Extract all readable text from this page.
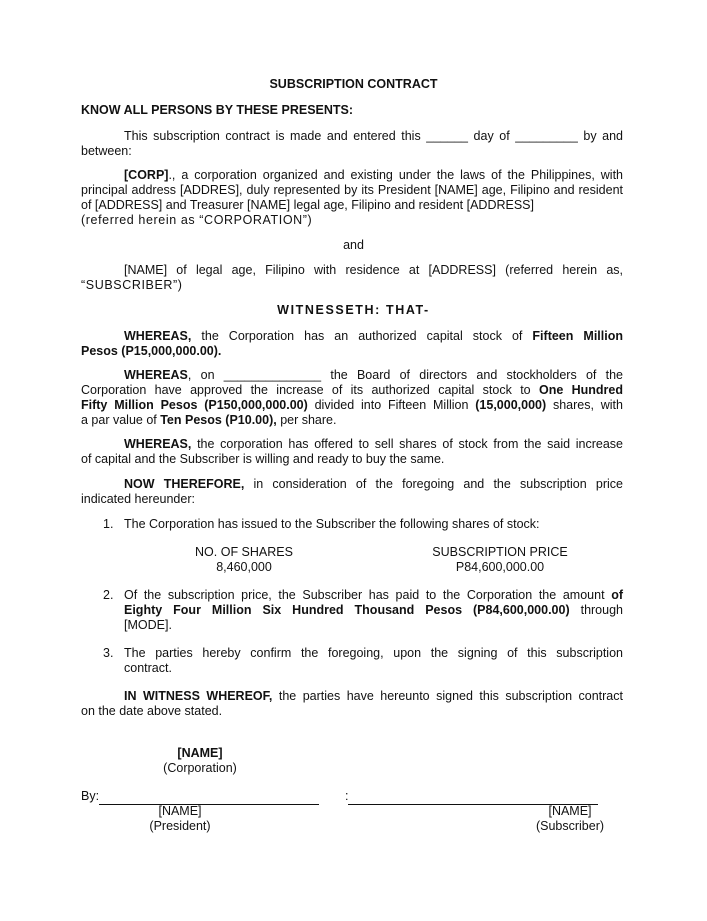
SUBSCRIPTION CONTRACT
KNOW ALL PERSONS BY THESE PRESENTS:
This subscription contract is made and entered this ______ day of _________ by and
between:
[CORP]., a corporation organized and existing under the laws of the Philippines, with principal address [ADDRES], duly represented by its President [NAME] age, Filipino and resident of [ADDRESS] and Treasurer [NAME] legal age, Filipino and resident [ADDRESS]
(referred herein as “CORPORATION”)
and
[NAME] of legal age, Filipino with residence at [ADDRESS] (referred herein as,
“SUBSCRIBER”)
WITNESSETH: THAT-
WHEREAS, the Corporation has an authorized capital stock of Fifteen Million
Pesos (P15,000,000.00).
WHEREAS, on ______________ the Board of directors and stockholders of the
Corporation have approved the increase of its authorized capital stock to One Hundred
Fifty Million Pesos (P150,000,000.00) divided into Fifteen Million (15,000,000) shares, with
a par value of Ten Pesos (P10.00), per share.
WHEREAS, the corporation has offered to sell shares of stock from the said increase
of capital and the Subscriber is willing and ready to buy the same.
NOW THEREFORE, in consideration of the foregoing and the subscription price
indicated hereunder:
1. The Corporation has issued to the Subscriber the following shares of stock:
NO. OF SHARES
8,460,000
SUBSCRIPTION PRICE
P84,600,000.00
2. Of the subscription price, the Subscriber has paid to the Corporation the amount of
Eighty Four Million Six Hundred Thousand Pesos (P84,600,000.00) through
[MODE].
3. The parties hereby confirm the foregoing, upon the signing of this subscription
contract.
IN WITNESS WHEREOF, the parties have hereunto signed this subscription contract
on the date above stated.
[NAME]
(Corporation)
By:	:
[NAME]
(President)
[NAME]
(Subscriber)
